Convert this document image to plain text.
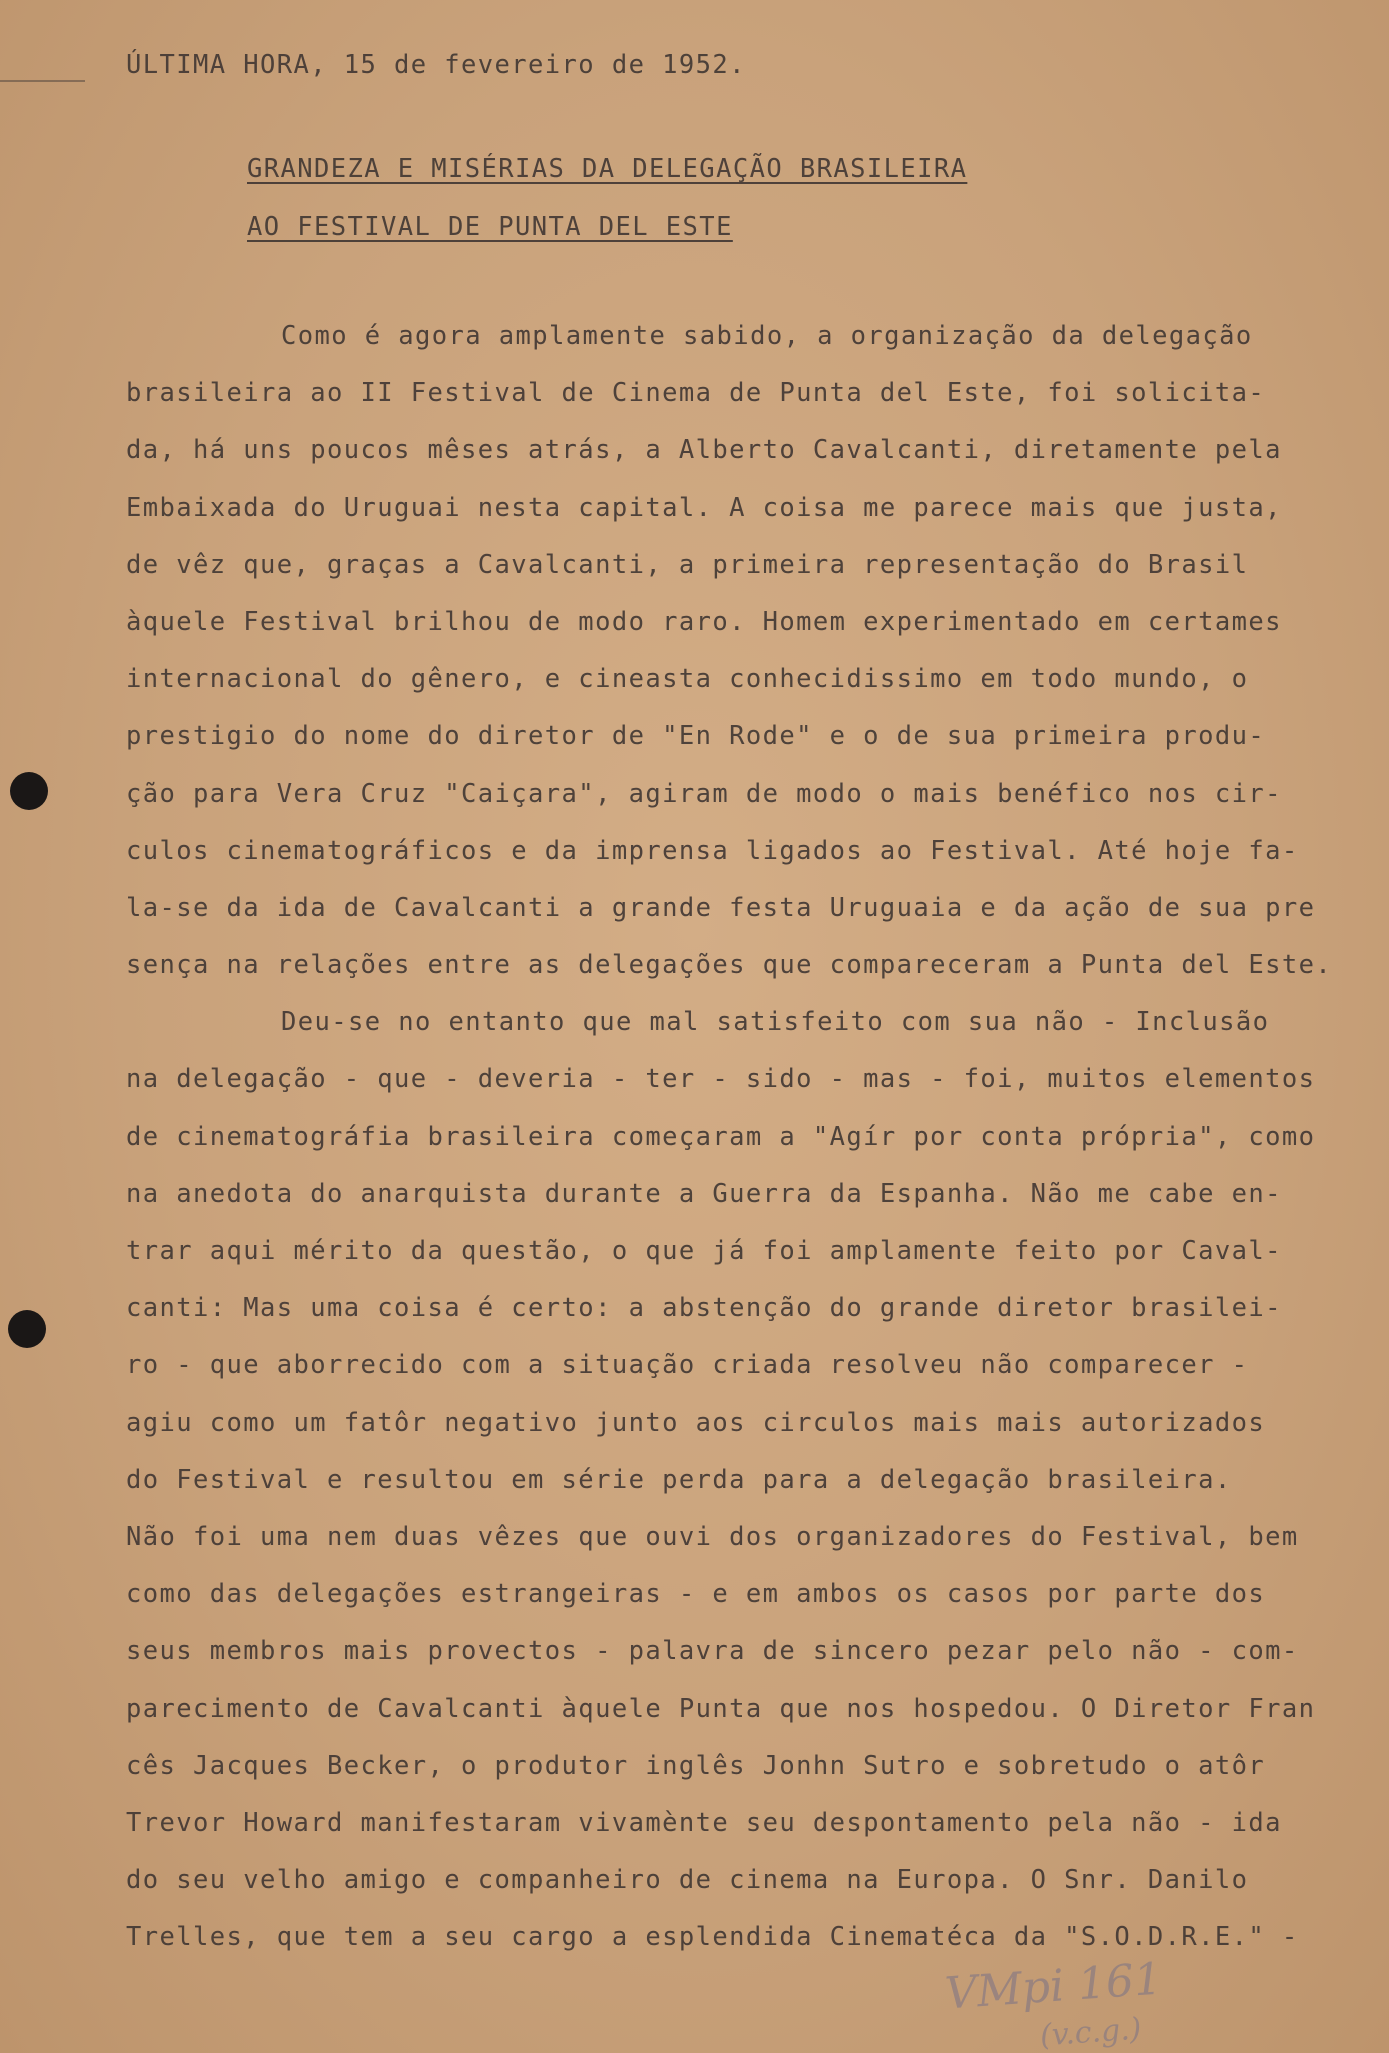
ÚLTIMA HORA, 15 de fevereiro de 1952.
GRANDEZA E MISÉRIAS DA DELEGAÇÃO BRASILEIRA
AO FESTIVAL DE PUNTA DEL ESTE
Como é agora amplamente sabido, a organização da delegação
brasileira ao II Festival de Cinema de Punta del Este, foi solicita-
da, há uns poucos mêses atrás, a Alberto Cavalcanti, diretamente pela
Embaixada do Uruguai nesta capital. A coisa me parece mais que justa,
de vêz que, graças a Cavalcanti, a primeira representação do Brasil
àquele Festival brilhou de modo raro. Homem experimentado em certames
internacional do gênero, e cineasta conhecidissimo em todo mundo, o
prestigio do nome do diretor de "En Rode" e o de sua primeira produ-
ção para Vera Cruz "Caiçara", agiram de modo o mais benéfico nos cir-
culos cinematográficos e da imprensa ligados ao Festival. Até hoje fa-
la-se da ida de Cavalcanti a grande festa Uruguaia e da ação de sua pre
sença na relações entre as delegações que compareceram a Punta del Este.
Deu-se no entanto que mal satisfeito com sua não - Inclusão
na delegação - que - deveria - ter - sido - mas - foi, muitos elementos
de cinematográfia brasileira começaram a "Agír por conta própria", como
na anedota do anarquista durante a Guerra da Espanha. Não me cabe en-
trar aqui mérito da questão, o que já foi amplamente feito por Caval-
canti: Mas uma coisa é certo: a abstenção do grande diretor brasilei-
ro - que aborrecido com a situação criada resolveu não comparecer -
agiu como um fatôr negativo junto aos circulos mais mais autorizados
do Festival e resultou em série perda para a delegação brasileira.
Não foi uma nem duas vêzes que ouvi dos organizadores do Festival, bem
como das delegações estrangeiras - e em ambos os casos por parte dos
seus membros mais provectos - palavra de sincero pezar pelo não - com-
parecimento de Cavalcanti àquele Punta que nos hospedou. O Diretor Fran
cês Jacques Becker, o produtor inglês Jonhn Sutro e sobretudo o atôr
Trevor Howard manifestaram vivamènte seu despontamento pela não - ida
do seu velho amigo e companheiro de cinema na Europa. O Snr. Danilo
Trelles, que tem a seu cargo a esplendida Cinematéca da "S.O.D.R.E." -
VMpi 161
(v.c.g.)
